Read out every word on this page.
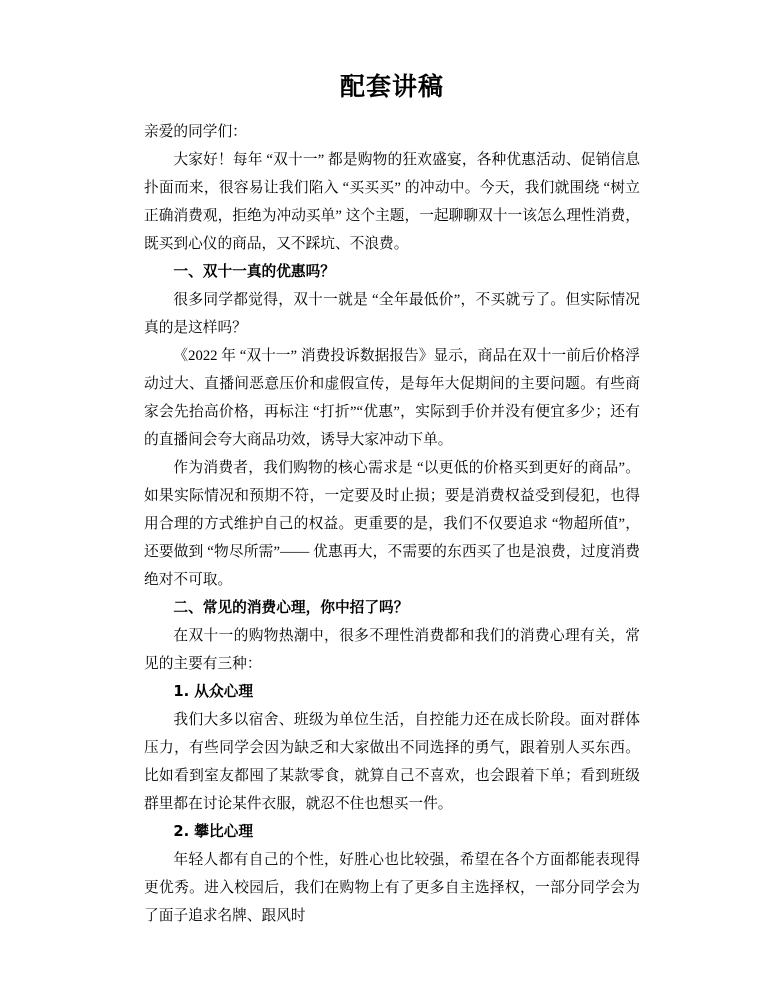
配套讲稿

亲爱的同学们：

大家好！每年 “双十一” 都是购物的狂欢盛宴，各种优惠活动、促销信息扑面而来，很容易让我们陷入 “买买买” 的冲动中。今天，我们就围绕 “树立正确消费观，拒绝为冲动买单” 这个主题，一起聊聊双十一该怎么理性消费，既买到心仪的商品，又不踩坑、不浪费。

一、双十一真的优惠吗？

很多同学都觉得，双十一就是 “全年最低价”，不买就亏了。但实际情况真的是这样吗？

《2022 年 “双十一” 消费投诉数据报告》显示，商品在双十一前后价格浮动过大、直播间恶意压价和虚假宣传，是每年大促期间的主要问题。有些商家会先抬高价格，再标注 “打折”“优惠”，实际到手价并没有便宜多少；还有的直播间会夸大商品功效，诱导大家冲动下单。

作为消费者，我们购物的核心需求是 “以更低的价格买到更好的商品”。如果实际情况和预期不符，一定要及时止损；要是消费权益受到侵犯，也得用合理的方式维护自己的权益。更重要的是，我们不仅要追求 “物超所值”，还要做到 “物尽所需”—— 优惠再大，不需要的东西买了也是浪费，过度消费绝对不可取。

二、常见的消费心理，你中招了吗？

在双十一的购物热潮中，很多不理性消费都和我们的消费心理有关，常见的主要有三种：

1. 从众心理

我们大多以宿舍、班级为单位生活，自控能力还在成长阶段。面对群体压力，有些同学会因为缺乏和大家做出不同选择的勇气，跟着别人买东西。比如看到室友都囤了某款零食，就算自己不喜欢，也会跟着下单；看到班级群里都在讨论某件衣服，就忍不住也想买一件。

2. 攀比心理

年轻人都有自己的个性，好胜心也比较强，希望在各个方面都能表现得更优秀。进入校园后，我们在购物上有了更多自主选择权，一部分同学会为了面子追求名牌、跟风时
